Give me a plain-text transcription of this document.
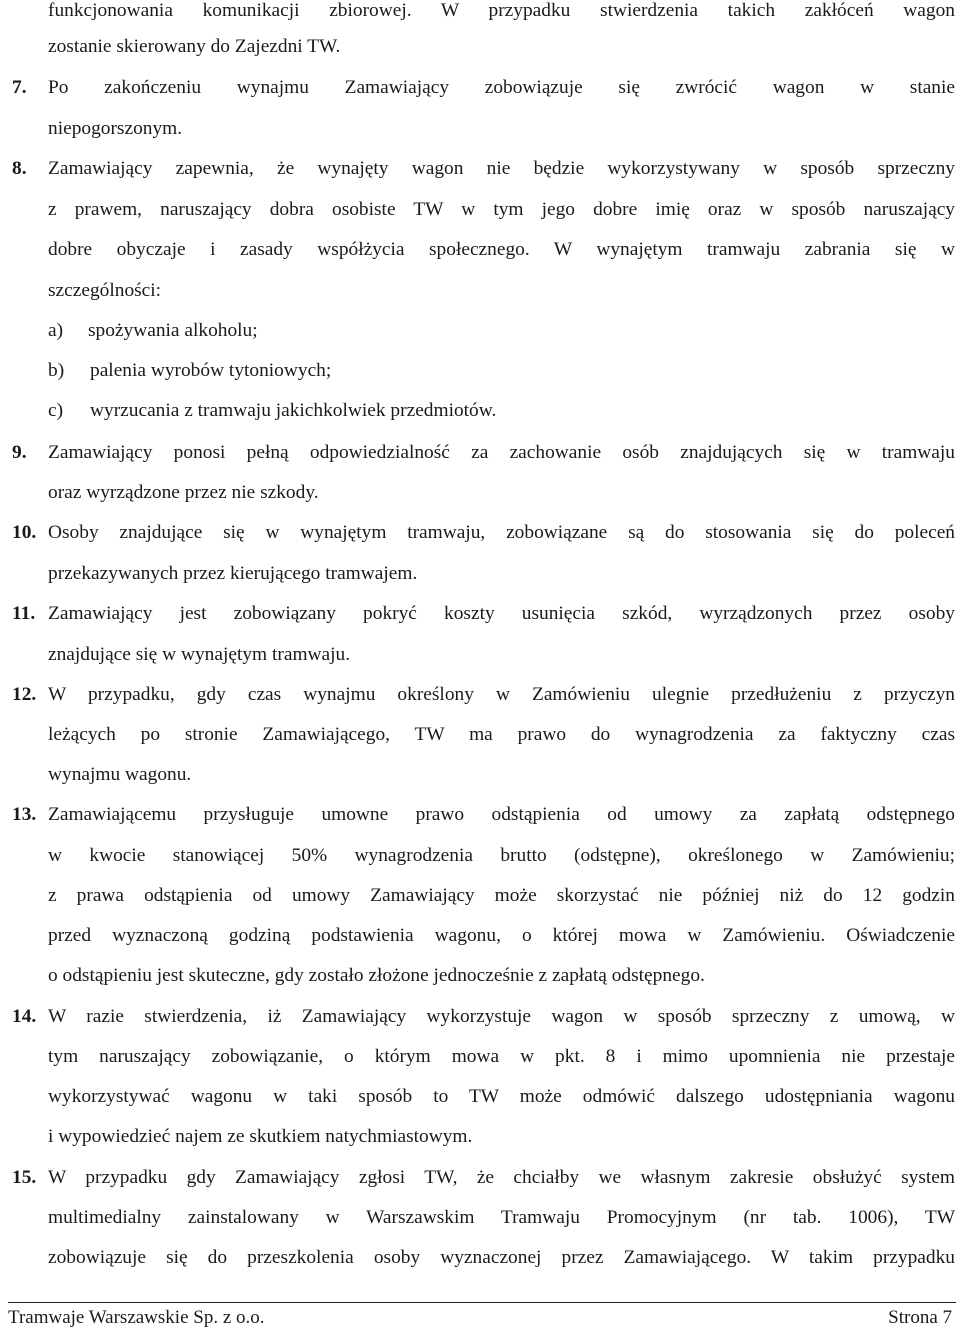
funkcjonowania komunikacji zbiorowej. W przypadku stwierdzenia takich zakłóceń wagon
zostanie skierowany do Zajezdni TW.
7. Po zakończeniu wynajmu Zamawiający zobowiązuje się zwrócić wagon w stanie
niepogorszonym.
8. Zamawiający zapewnia, że wynajęty wagon nie będzie wykorzystywany w sposób sprzeczny
z prawem, naruszający dobra osobiste TW w tym jego dobre imię oraz w sposób naruszający
dobre obyczaje i zasady współżycia społecznego. W wynajętym tramwaju zabrania się w
szczególności:
a) spożywania alkoholu;
b) palenia wyrobów tytoniowych;
c) wyrzucania z tramwaju jakichkolwiek przedmiotów.
9. Zamawiający ponosi pełną odpowiedzialność za zachowanie osób znajdujących się w tramwaju
oraz wyrządzone przez nie szkody.
10. Osoby znajdujące się w wynajętym tramwaju, zobowiązane są do stosowania się do poleceń
przekazywanych przez kierującego tramwajem.
11. Zamawiający jest zobowiązany pokryć koszty usunięcia szkód, wyrządzonych przez osoby
znajdujące się w wynajętym tramwaju.
12. W przypadku, gdy czas wynajmu określony w Zamówieniu ulegnie przedłużeniu z przyczyn
leżących po stronie Zamawiającego, TW ma prawo do wynagrodzenia za faktyczny czas
wynajmu wagonu.
13. Zamawiającemu przysługuje umowne prawo odstąpienia od umowy za zapłatą odstępnego
w kwocie stanowiącej 50% wynagrodzenia brutto (odstępne), określonego w Zamówieniu;
z prawa odstąpienia od umowy Zamawiający może skorzystać nie później niż do 12 godzin
przed wyznaczoną godziną podstawienia wagonu, o której mowa w Zamówieniu. Oświadczenie
o odstąpieniu jest skuteczne, gdy zostało złożone jednocześnie z zapłatą odstępnego.
14. W razie stwierdzenia, iż Zamawiający wykorzystuje wagon w sposób sprzeczny z umową, w
tym naruszający zobowiązanie, o którym mowa w pkt. 8 i mimo upomnienia nie przestaje
wykorzystywać wagonu w taki sposób to TW może odmówić dalszego udostępniania wagonu
i wypowiedzieć najem ze skutkiem natychmiastowym.
15. W przypadku gdy Zamawiający zgłosi TW, że chciałby we własnym zakresie obsłużyć system
multimedialny zainstalowany w Warszawskim Tramwaju Promocyjnym (nr tab. 1006), TW
zobowiązuje się do przeszkolenia osoby wyznaczonej przez Zamawiającego. W takim przypadku
Tramwaje Warszawskie Sp. z o.o.	Strona 7
